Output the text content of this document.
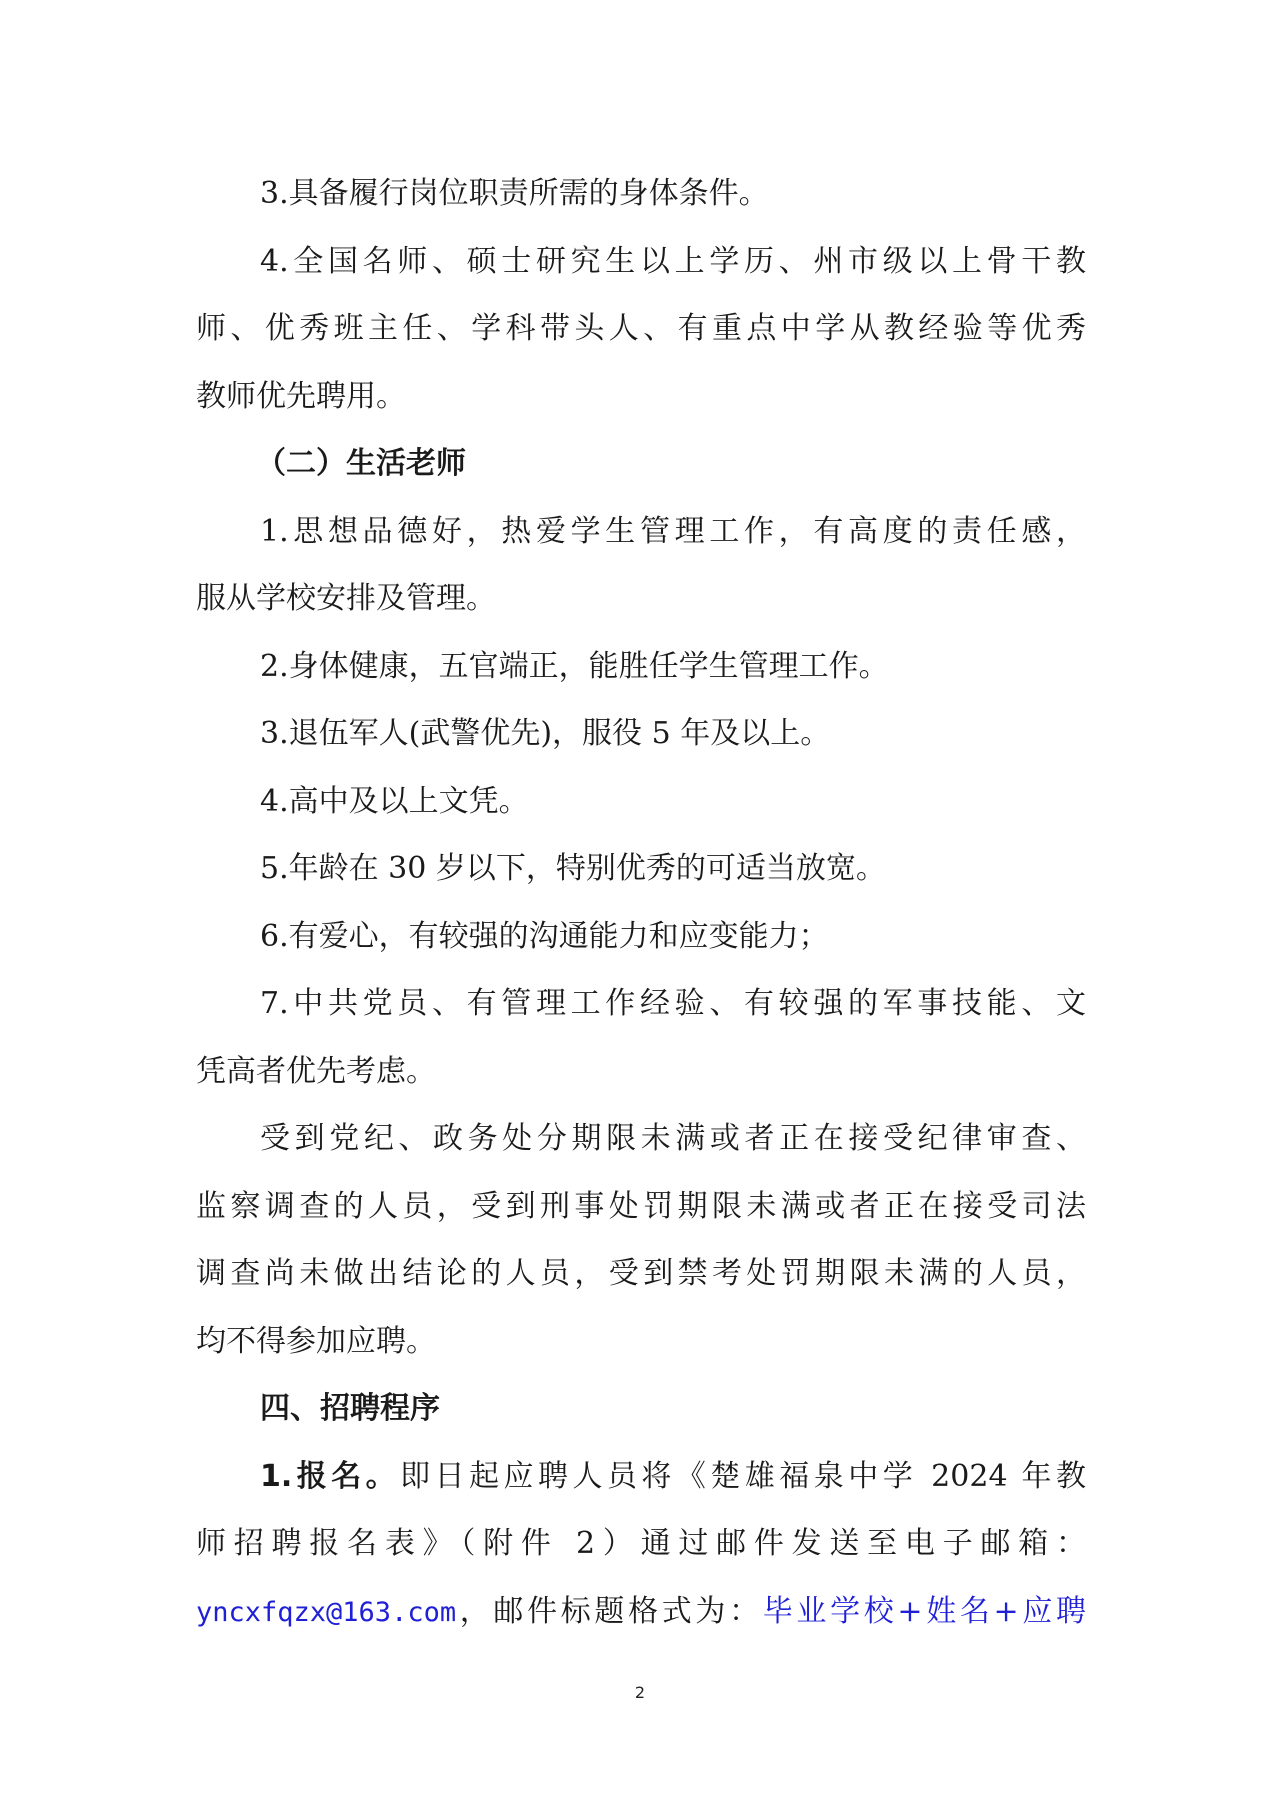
3.具备履行岗位职责所需的身体条件。
4.全国名师、硕士研究生以上学历、州市级以上骨干教
师、优秀班主任、学科带头人、有重点中学从教经验等优秀
教师优先聘用。
（二）生活老师
1.思想品德好，热爱学生管理工作，有高度的责任感，
服从学校安排及管理。
2.身体健康，五官端正，能胜任学生管理工作。
3.退伍军人(武警优先)，服役 5 年及以上。
4.高中及以上文凭。
5.年龄在 30 岁以下，特别优秀的可适当放宽。
6.有爱心，有较强的沟通能力和应变能力；
7.中共党员、有管理工作经验、有较强的军事技能、文
凭高者优先考虑。
受到党纪、政务处分期限未满或者正在接受纪律审查、
监察调查的人员，受到刑事处罚期限未满或者正在接受司法
调查尚未做出结论的人员，受到禁考处罚期限未满的人员，
均不得参加应聘。
四、招聘程序
1.报名。即日起应聘人员将《楚雄福泉中学 2024 年教
师招聘报名表》（附件 2）通过邮件发送至电子邮箱：
yncxfqzx@163.com，邮件标题格式为：毕业学校+姓名+应聘
2
